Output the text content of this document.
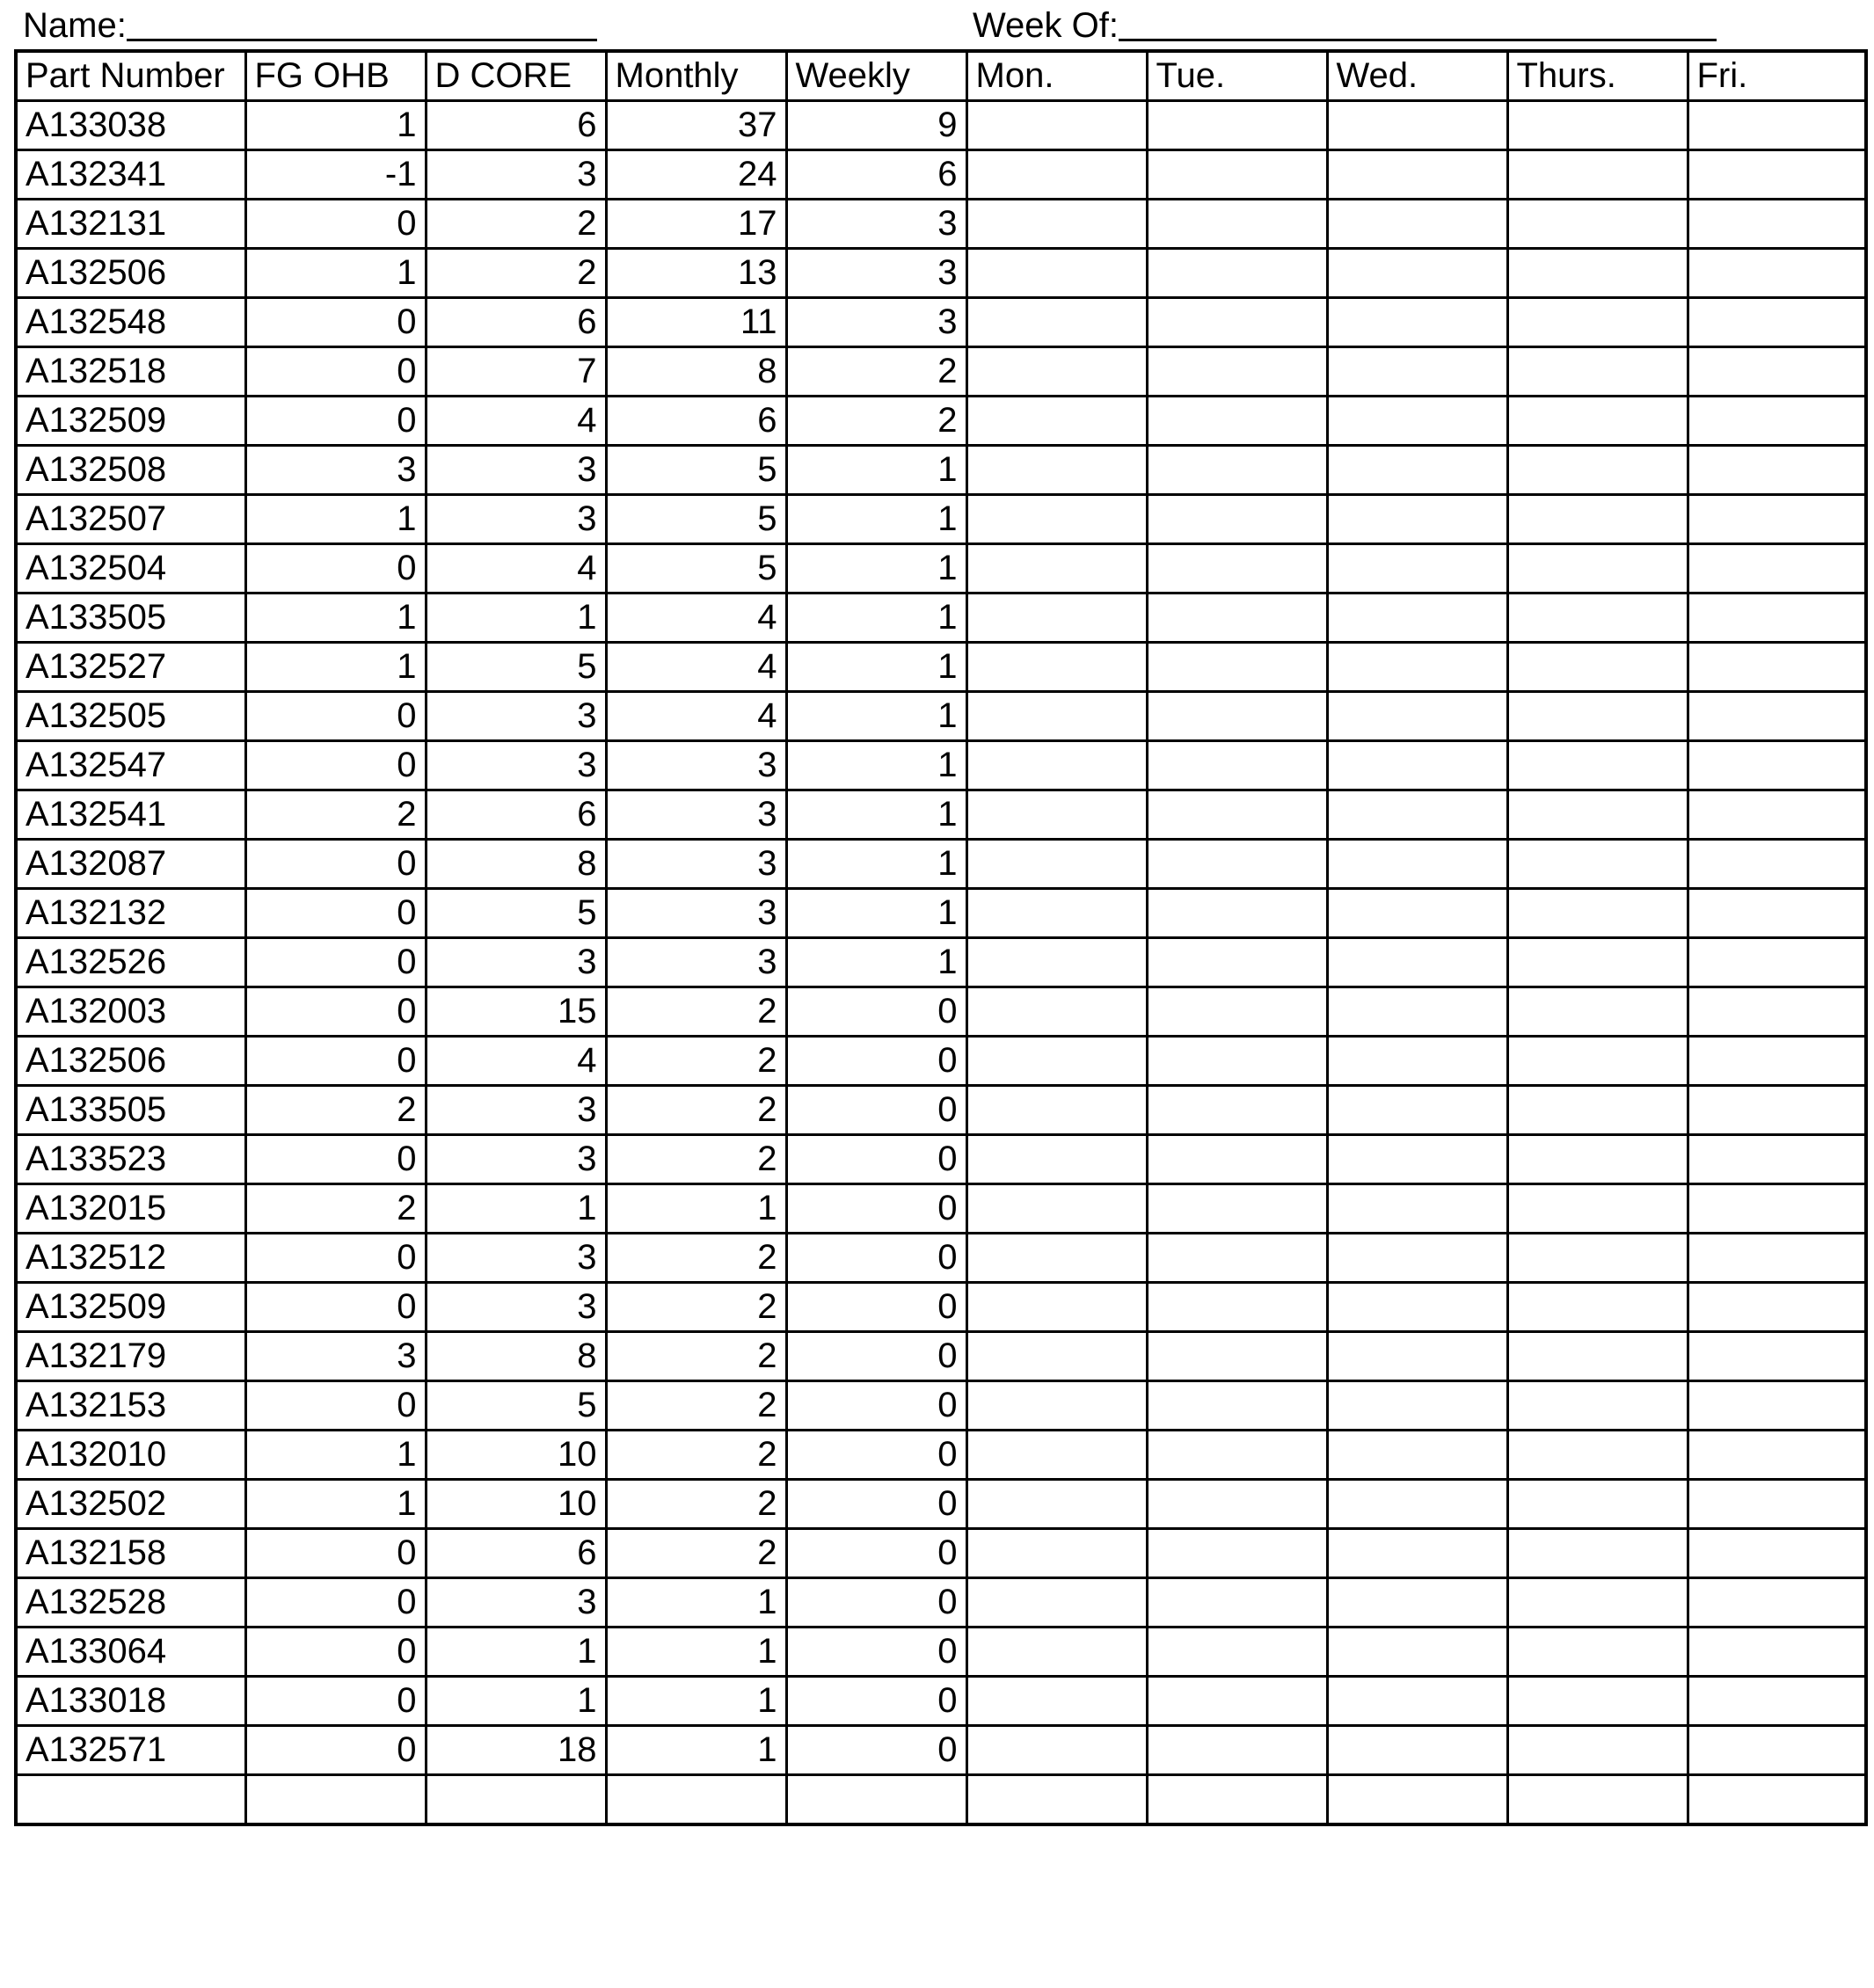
Name:	Week Of:
Part Number	FG OHB	D CORE	Monthly	Weekly	Mon.	Tue.	Wed.	Thurs.	Fri.
A133038	1	6	37	9					
A132341	-1	3	24	6					
A132131	0	2	17	3					
A132506	1	2	13	3					
A132548	0	6	11	3					
A132518	0	7	8	2					
A132509	0	4	6	2					
A132508	3	3	5	1					
A132507	1	3	5	1					
A132504	0	4	5	1					
A133505	1	1	4	1					
A132527	1	5	4	1					
A132505	0	3	4	1					
A132547	0	3	3	1					
A132541	2	6	3	1					
A132087	0	8	3	1					
A132132	0	5	3	1					
A132526	0	3	3	1					
A132003	0	15	2	0					
A132506	0	4	2	0					
A133505	2	3	2	0					
A133523	0	3	2	0					
A132015	2	1	1	0					
A132512	0	3	2	0					
A132509	0	3	2	0					
A132179	3	8	2	0					
A132153	0	5	2	0					
A132010	1	10	2	0					
A132502	1	10	2	0					
A132158	0	6	2	0					
A132528	0	3	1	0					
A133064	0	1	1	0					
A133018	0	1	1	0					
A132571	0	18	1	0					
